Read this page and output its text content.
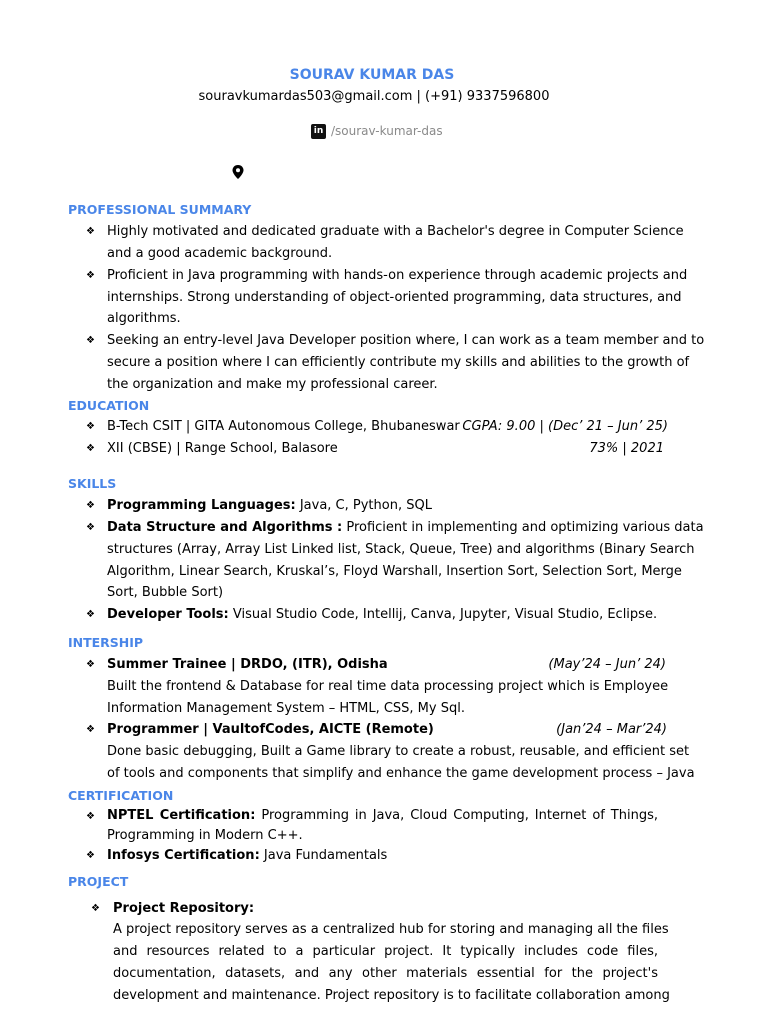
SOURAV KUMAR DAS
souravkumardas503@gmail.com | (+91) 9337596800
in /sourav-kumar-das
PROFESSIONAL SUMMARY
❖ Highly motivated and dedicated graduate with a Bachelor's degree in Computer Science
and a good academic background.
❖ Proficient in Java programming with hands-on experience through academic projects and
internships. Strong understanding of object-oriented programming, data structures, and
algorithms.
❖ Seeking an entry-level Java Developer position where, I can work as a team member and to
secure a position where I can efficiently contribute my skills and abilities to the growth of
the organization and make my professional career.
EDUCATION
❖ B-Tech CSIT | GITA Autonomous College, Bhubaneswar CGPA: 9.00 | (Dec’ 21 – Jun’ 25)
❖ XII (CBSE) | Range School, Balasore	73% | 2021
SKILLS
❖ Programming Languages: Java, C, Python, SQL
❖ Data Structure and Algorithms : Proficient in implementing and optimizing various data
structures (Array, Array List Linked list, Stack, Queue, Tree) and algorithms (Binary Search
Algorithm, Linear Search, Kruskal’s, Floyd Warshall, Insertion Sort, Selection Sort, Merge
Sort, Bubble Sort)
❖ Developer Tools: Visual Studio Code, Intellij, Canva, Jupyter, Visual Studio, Eclipse.
INTERSHIP
❖ Summer Trainee | DRDO, (ITR), Odisha	(May’24 – Jun’ 24)
Built the frontend & Database for real time data processing project which is Employee
Information Management System – HTML, CSS, My Sql.
❖ Programmer | VaultofCodes, AICTE (Remote)	(Jan’24 – Mar’24)
Done basic debugging, Built a Game library to create a robust, reusable, and efficient set
of tools and components that simplify and enhance the game development process – Java
CERTIFICATION
❖ NPTEL Certification: Programming in Java, Cloud Computing, Internet of Things,
Programming in Modern C++.
❖ Infosys Certification: Java Fundamentals
PROJECT
❖ Project Repository:
A project repository serves as a centralized hub for storing and managing all the files
and resources related to a particular project. It typically includes code files,
documentation, datasets, and any other materials essential for the project's
development and maintenance. Project repository is to facilitate collaboration among
